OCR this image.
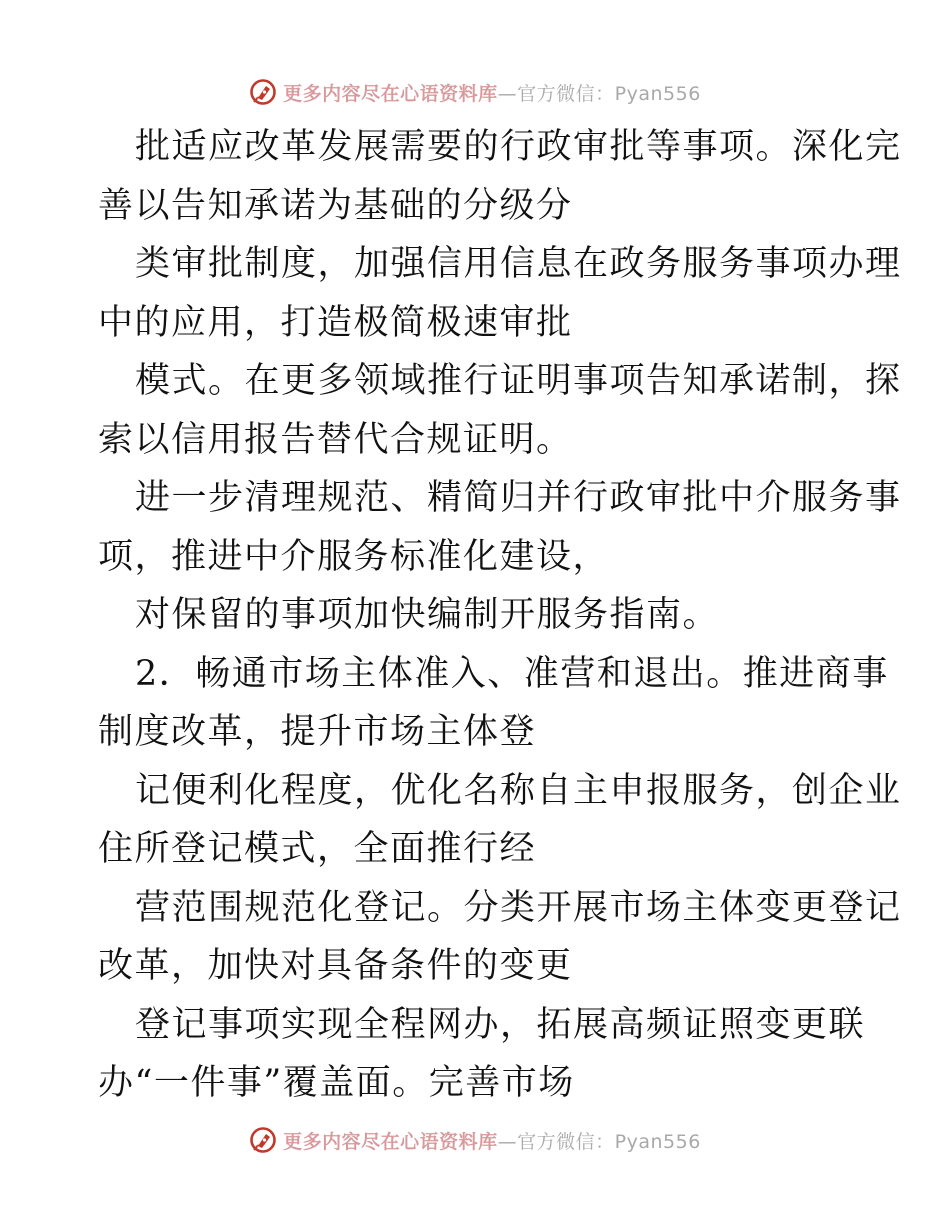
更多内容尽在心语资料库 —官方微信：Pyan556
批适应改革发展需要的行政审批等事项。深化完
善以告知承诺为基础的分级分
类审批制度，加强信用信息在政务服务事项办理
中的应用，打造极简极速审批
模式。在更多领域推行证明事项告知承诺制，探
索以信用报告替代合规证明。
进一步清理规范、精简归并行政审批中介服务事
项，推进中介服务标准化建设，
对保留的事项加快编制开服务指南。
2．畅通市场主体准入、准营和退出。推进商事
制度改革，提升市场主体登
记便利化程度，优化名称自主申报服务，创企业
住所登记模式，全面推行经
营范围规范化登记。分类开展市场主体变更登记
改革，加快对具备条件的变更
登记事项实现全程网办，拓展高频证照变更联
办“一件事”覆盖面。完善市场
更多内容尽在心语资料库 —官方微信：Pyan556
